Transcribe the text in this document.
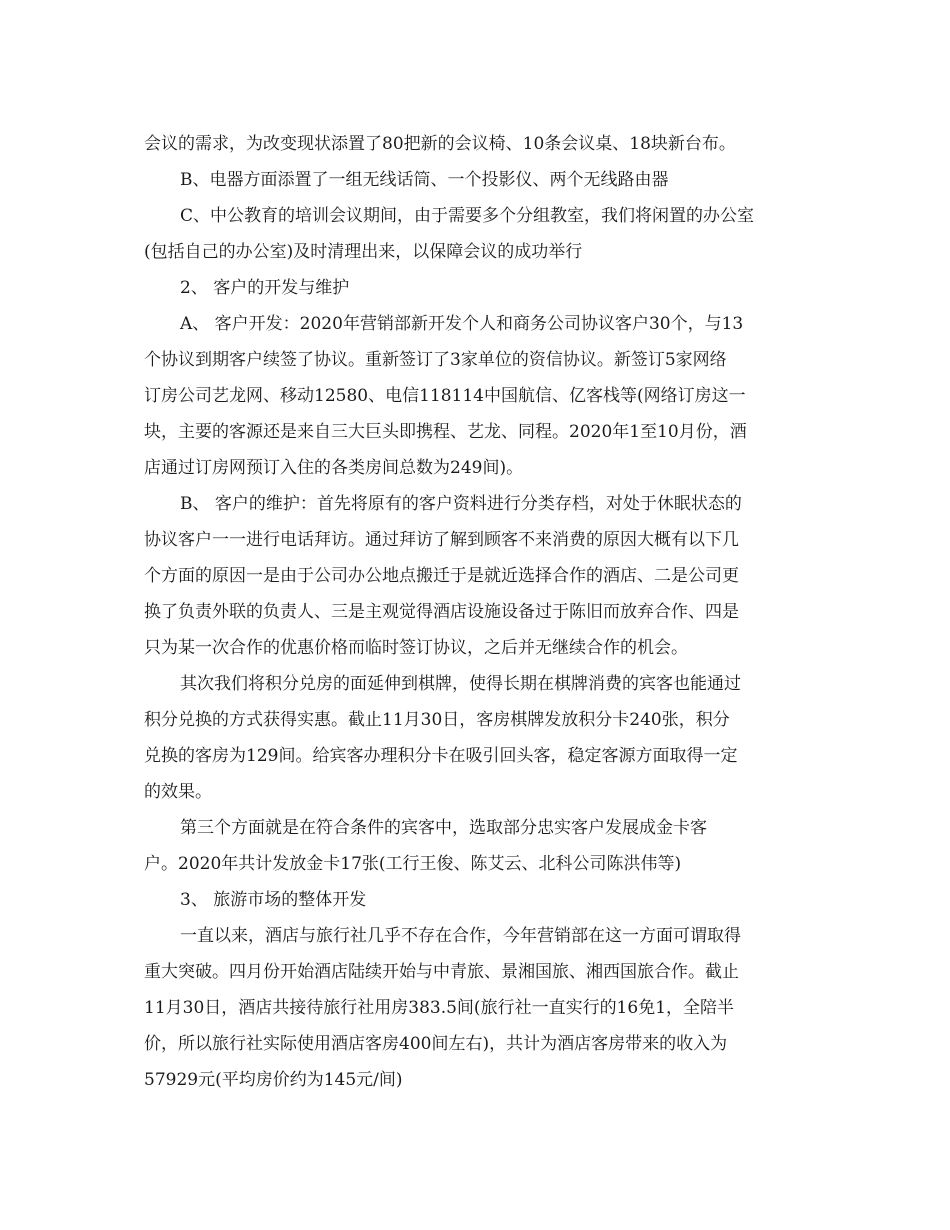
会议的需求，为改变现状添置了80把新的会议椅、10条会议桌、18块新台布。
B、电器方面添置了一组无线话筒、一个投影仪、两个无线路由器
C、中公教育的培训会议期间，由于需要多个分组教室，我们将闲置的办公室
(包括自己的办公室)及时清理出来，以保障会议的成功举行
2、 客户的开发与维护
A、 客户开发：2020年营销部新开发个人和商务公司协议客户30个，与13
个协议到期客户续签了协议。重新签订了3家单位的资信协议。新签订5家网络
订房公司艺龙网、移动12580、电信118114中国航信、亿客栈等(网络订房这一
块，主要的客源还是来自三大巨头即携程、艺龙、同程。2020年1至10月份，酒
店通过订房网预订入住的各类房间总数为249间)。
B、 客户的维护：首先将原有的客户资料进行分类存档，对处于休眠状态的
协议客户一一进行电话拜访。通过拜访了解到顾客不来消费的原因大概有以下几
个方面的原因一是由于公司办公地点搬迁于是就近选择合作的酒店、二是公司更
换了负责外联的负责人、三是主观觉得酒店设施设备过于陈旧而放弃合作、四是
只为某一次合作的优惠价格而临时签订协议，之后并无继续合作的机会。
其次我们将积分兑房的面延伸到棋牌，使得长期在棋牌消费的宾客也能通过
积分兑换的方式获得实惠。截止11月30日，客房棋牌发放积分卡240张，积分
兑换的客房为129间。给宾客办理积分卡在吸引回头客，稳定客源方面取得一定
的效果。
第三个方面就是在符合条件的宾客中，选取部分忠实客户发展成金卡客
户。2020年共计发放金卡17张(工行王俊、陈艾云、北科公司陈洪伟等)
3、 旅游市场的整体开发
一直以来，酒店与旅行社几乎不存在合作，今年营销部在这一方面可谓取得
重大突破。四月份开始酒店陆续开始与中青旅、景湘国旅、湘西国旅合作。截止
11月30日，酒店共接待旅行社用房383.5间(旅行社一直实行的16免1，全陪半
价，所以旅行社实际使用酒店客房400间左右)，共计为酒店客房带来的收入为
57929元(平均房价约为145元/间)
